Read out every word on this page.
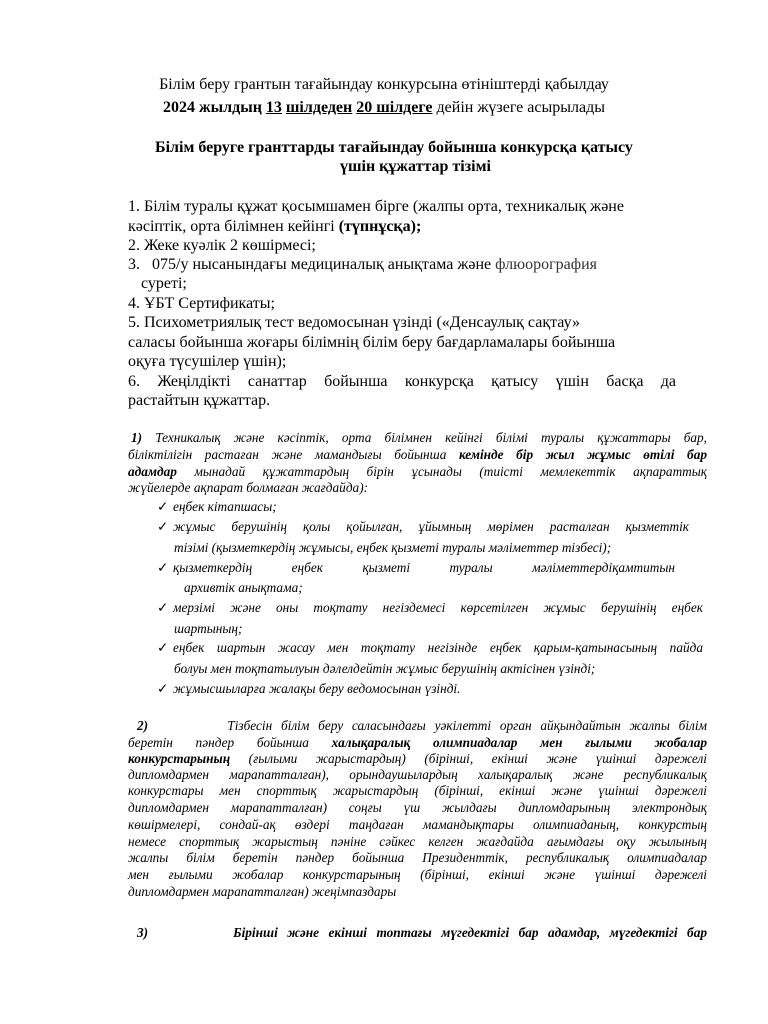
Білім беру грантын тағайындау конкурсына өтініштерді қабылдау
2024 жылдың 13 шілдеден 20 шілдеге дейін жүзеге асырылады
Білім беруге гранттарды тағайындау бойынша конкурсқа қатысу
үшін құжаттар тізімі
1. Білім туралы құжат қосымшамен бірге (жалпы орта, техникалық және
кәсіптік, орта білімнен кейінгі (түпнұсқа);
2. Жеке куәлік 2 көшірмесі;
3. 075/у нысанындағы медициналық анықтама және флюорография
суреті;
4. ҰБТ Сертификаты;
5. Психометриялық тест ведомосынан үзінді («Денсаулық сақтау»
саласы бойынша жоғары білімнің білім беру бағдарламалары бойынша
оқуға түсушілер үшін);
6. Жеңілдікті санаттар бойынша конкурсқа қатысу үшін басқа да
растайтын құжаттар.
1) Техникалық және кәсіптік, орта білімнен кейінгі білімі туралы құжаттары бар,
біліктілігін растаған және мамандығы бойынша кемінде бір жыл жұмыс өтілі бар
адамдар мынадай құжаттардың бірін ұсынады (тиісті мемлекеттік ақпараттық
жүйелерде ақпарат болмаған жағдайда):
✓ еңбек кітапшасы;
✓ жұмыс берушінің қолы қойылған, ұйымның мөрімен расталған қызметтік
тізімі (қызметкердің жұмысы, еңбек қызметі туралы мәліметтер тізбесі);
✓ қызметкердің еңбек қызметі туралы мәліметтердіқамтитын
архивтік анықтама;
✓ мерзімі және оны тоқтату негіздемесі көрсетілген жұмыс берушінің еңбек
шартының;
✓ еңбек шартын жасау мен тоқтату негізінде еңбек қарым-қатынасының пайда
болуы мен тоқтатылуын дәлелдейтін жұмыс берушінің актісінен үзінді;
✓ жұмысшыларға жалақы беру ведомосынан үзінді.
2)	Тізбесін білім беру саласындағы уәкілетті орган айқындайтын жалпы білім
беретін пәндер бойынша халықаралық олимпиадалар мен ғылыми жобалар
конкурстарының (ғылыми жарыстардың) (бірінші, екінші және үшінші дәрежелі
дипломдармен марапатталған), орындаушылардың халықаралық және республикалық
конкурстары мен спорттық жарыстардың (бірінші, екінші және үшінші дәрежелі
дипломдармен марапатталған) соңғы үш жылдағы дипломдарының электрондық
көшірмелері, сондай-ақ өздері таңдаған мамандықтары олимпиаданың, конкурстың
немесе спорттық жарыстың пәніне сәйкес келген жағдайда ағымдағы оқу жылының
жалпы білім беретін пәндер бойынша Президенттік, республикалық олимпиадалар
мен ғылыми жобалар конкурстарының (бірінші, екінші және үшінші дәрежелі
дипломдармен марапатталған) жеңімпаздары
3)	Бірінші және екінші топтағы мүгедектігі бар адамдар, мүгедектігі бар
